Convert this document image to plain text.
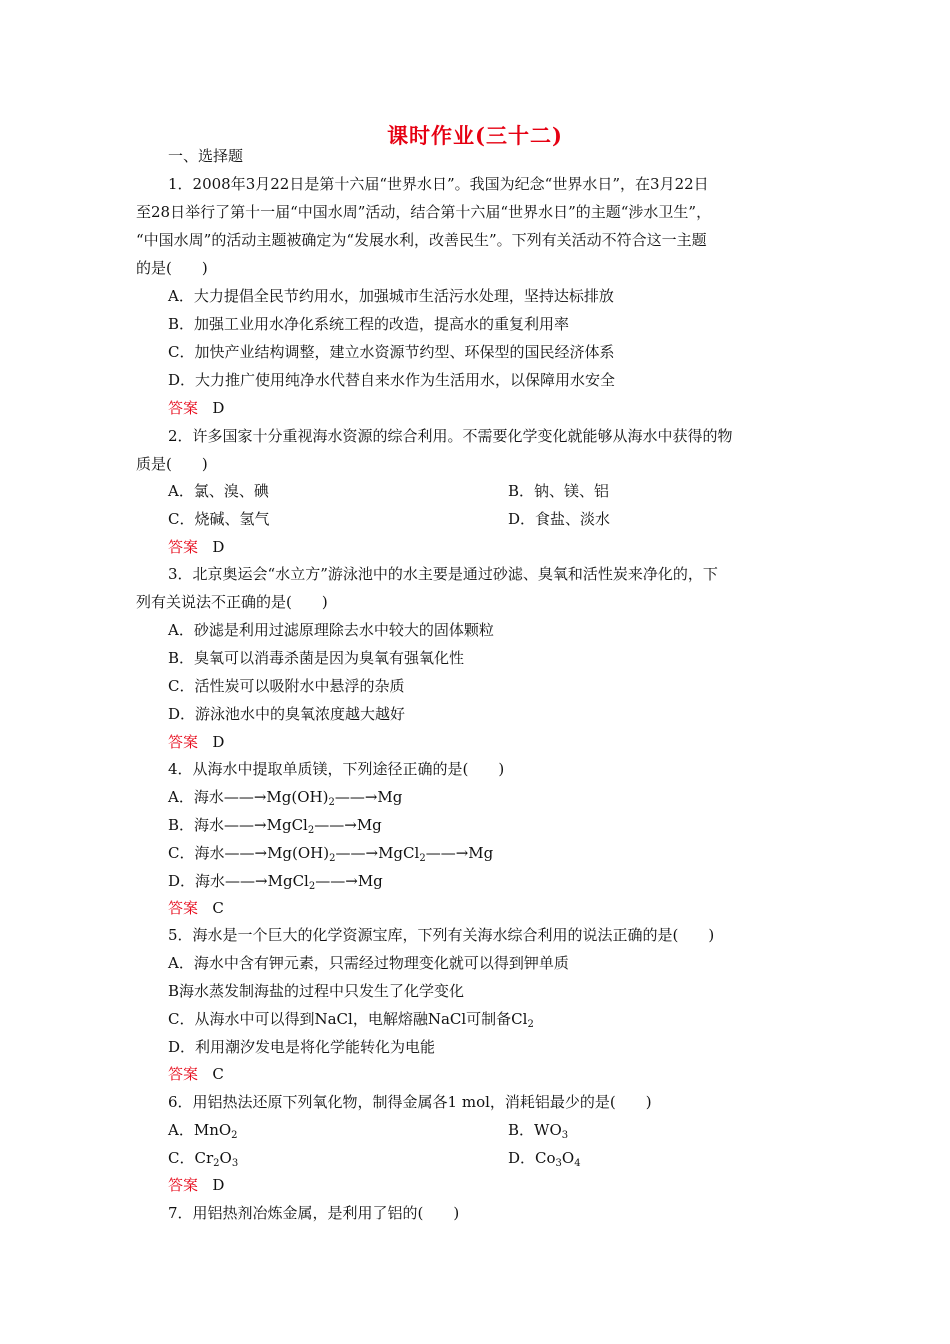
课时作业(三十二)
一、选择题
1．2008年3月22日是第十六届“世界水日”。我国为纪念“世界水日”，在3月22日
至28日举行了第十一届“中国水周”活动，结合第十六届“世界水日”的主题“涉水卫生”，
“中国水周”的活动主题被确定为“发展水利，改善民生”。下列有关活动不符合这一主题
的是(　　)
A．大力提倡全民节约用水，加强城市生活污水处理，坚持达标排放
B．加强工业用水净化系统工程的改造，提高水的重复利用率
C．加快产业结构调整，建立水资源节约型、环保型的国民经济体系
D．大力推广使用纯净水代替自来水作为生活用水，以保障用水安全
答案 D
2．许多国家十分重视海水资源的综合利用。不需要化学变化就能够从海水中获得的物
质是(　　)
A．氯、溴、碘	B．钠、镁、铝
C．烧碱、氢气	D．食盐、淡水
答案 D
3．北京奥运会“水立方”游泳池中的水主要是通过砂滤、臭氧和活性炭来净化的，下
列有关说法不正确的是(　　)
A．砂滤是利用过滤原理除去水中较大的固体颗粒
B．臭氧可以消毒杀菌是因为臭氧有强氧化性
C．活性炭可以吸附水中悬浮的杂质
D．游泳池水中的臭氧浓度越大越好
答案 D
4．从海水中提取单质镁，下列途径正确的是(　　)
A．海水$——\to Mg(OH)_2——\to Mg$
B．海水——→MgCl$_2$——→Mg
C．海水$——\to Mg(OH)_2——\to MgCl_2——\to Mg$
D．海水——→MgCl$_2$——→Mg
答案 C
5．海水是一个巨大的化学资源宝库，下列有关海水综合利用的说法正确的是(　　)
A．海水中含有钾元素，只需经过物理变化就可以得到钾单质
B海水蒸发制海盐的过程中只发生了化学变化
C．从海水中可以得到NaCl，电解熔融NaCl可制备$Cl_2$
D．利用潮汐发电是将化学能转化为电能
答案 C
6．用铝热法还原下列氧化物，制得金属各1 mol，消耗铝最少的是(　　)
A．MnO$_2$	B．$WO_3$
C．$Cr_2O_3$	D．$Co_3O_4$
答案 D
7．用铝热剂冶炼金属，是利用了铝的(　　)
